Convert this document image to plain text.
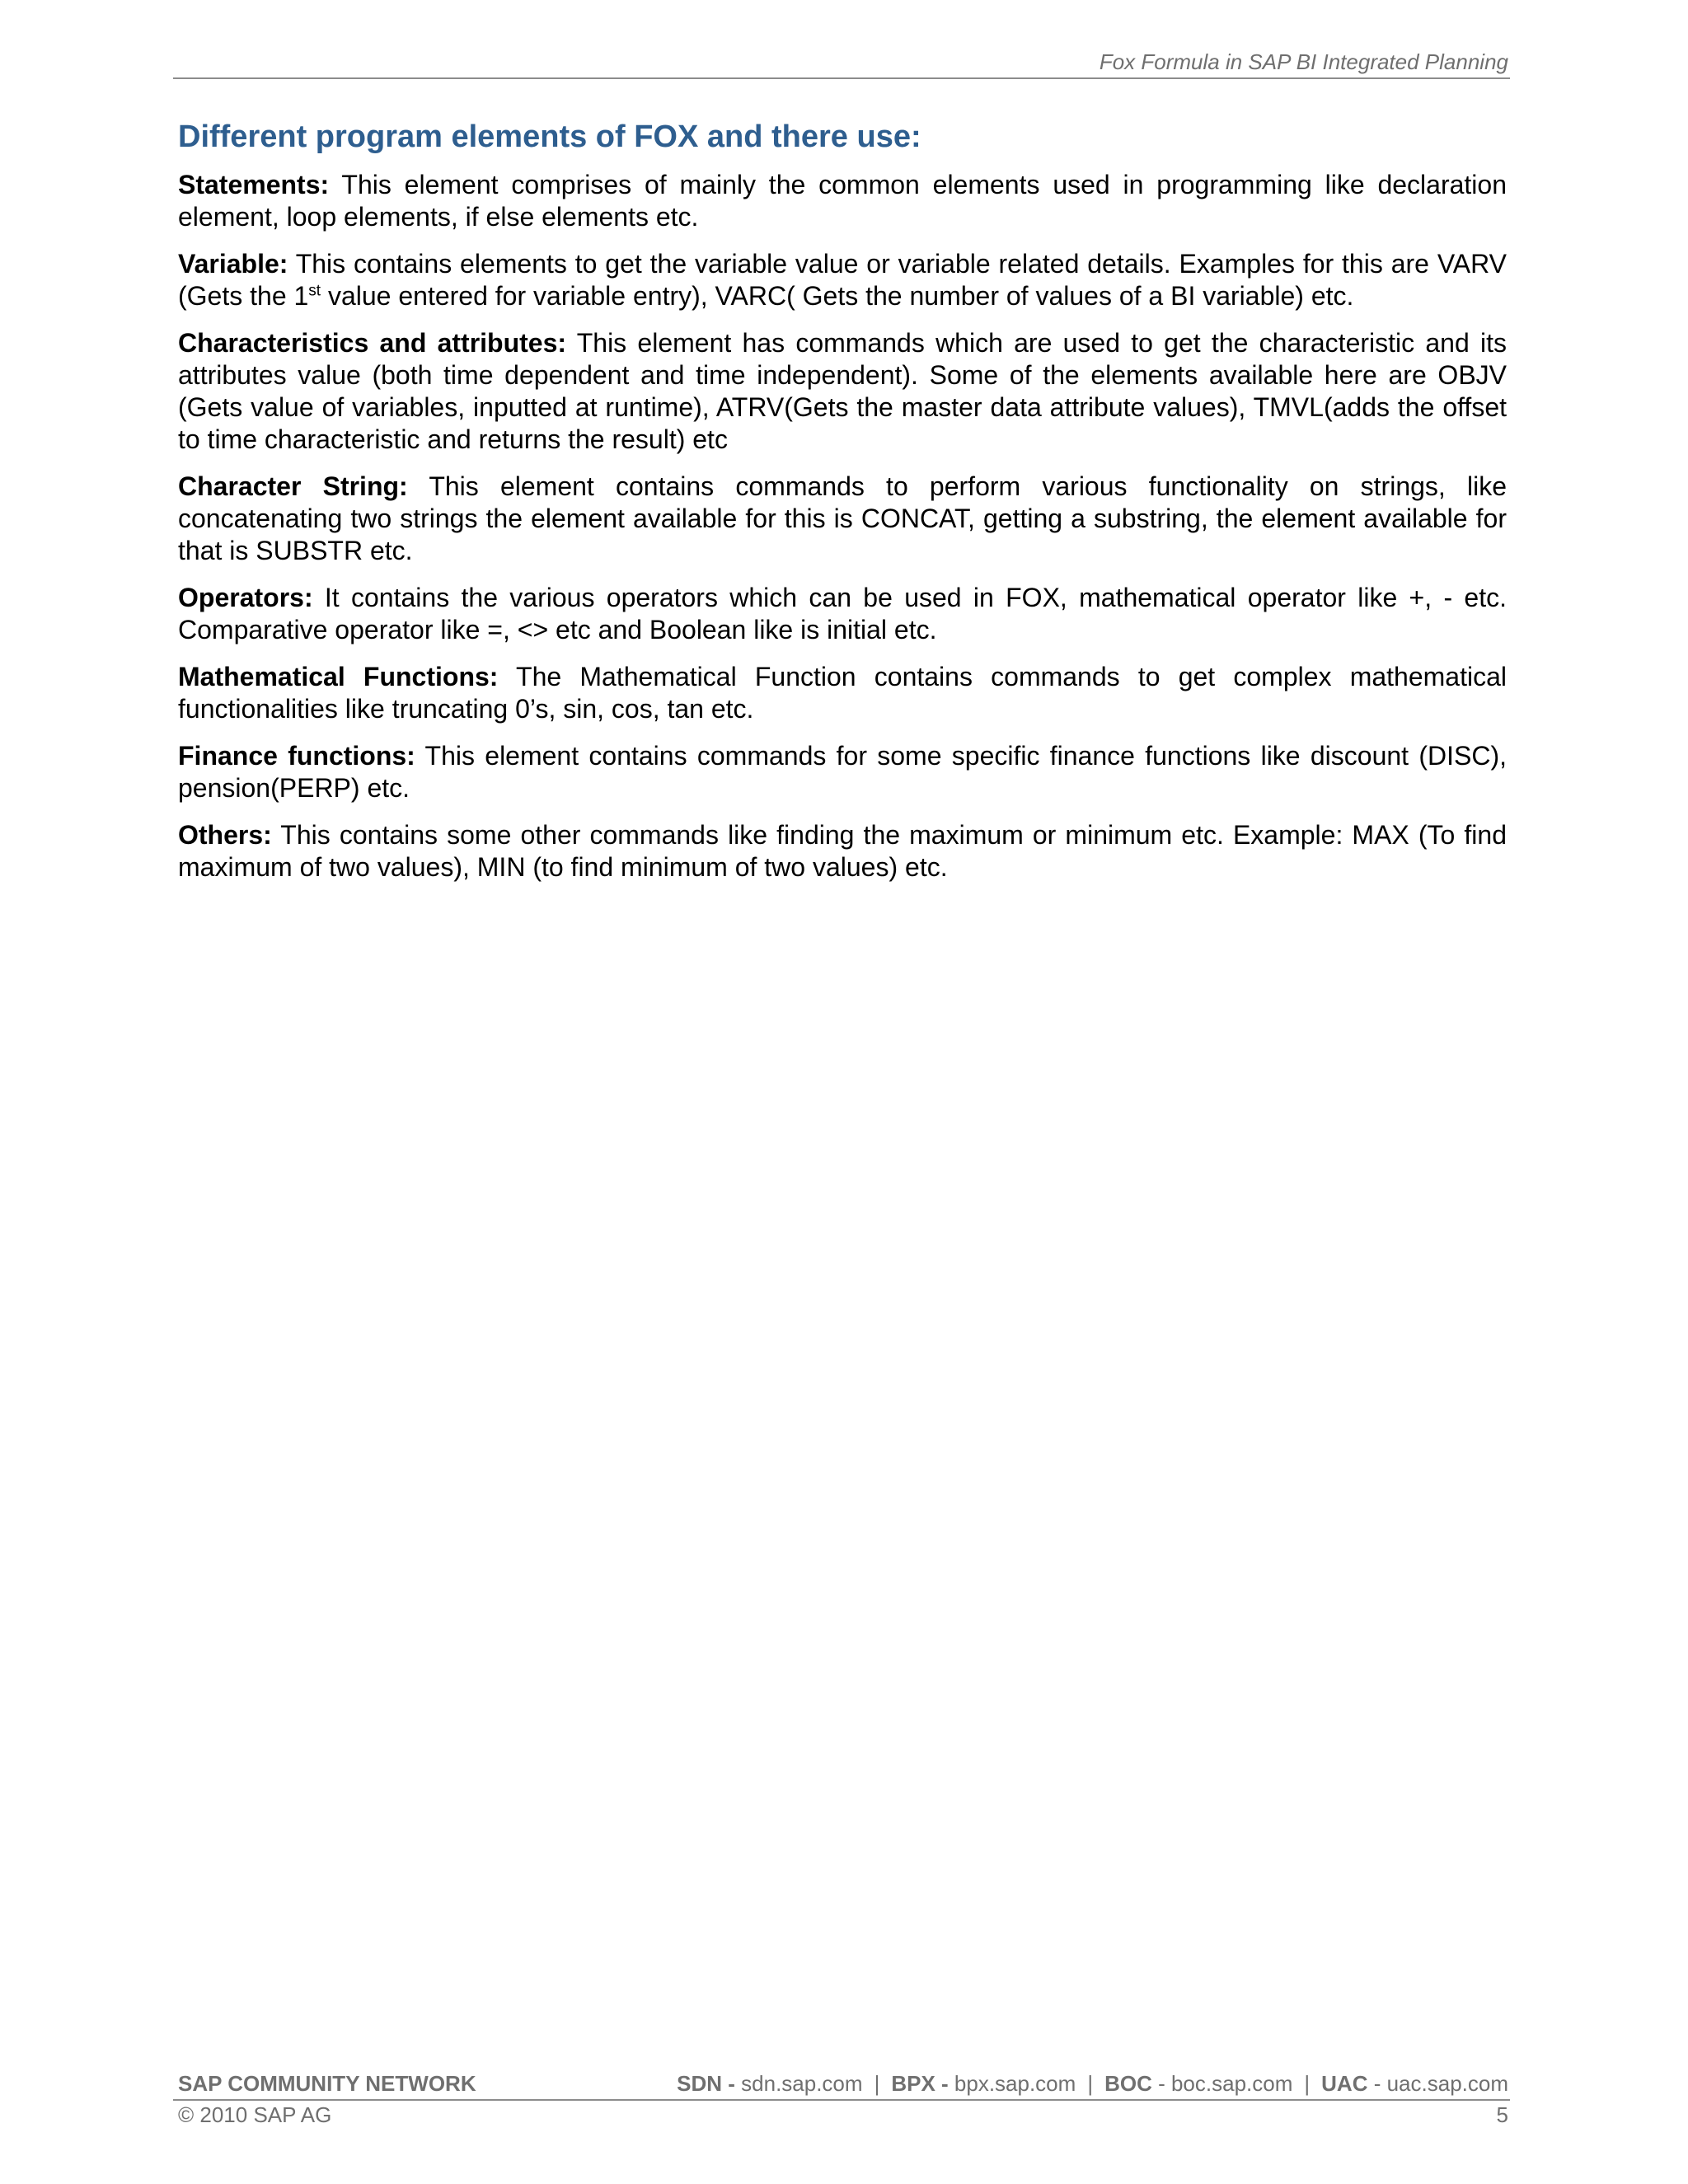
Fox Formula in SAP BI Integrated Planning
Different program elements of FOX and there use:

Statements: This element comprises of mainly the common elements used in programming like declaration element, loop elements, if else elements etc.

Variable: This contains elements to get the variable value or variable related details. Examples for this are VARV (Gets the 1st value entered for variable entry), VARC( Gets the number of values of a BI variable) etc.

Characteristics and attributes: This element has commands which are used to get the characteristic and its attributes value (both time dependent and time independent). Some of the elements available here are OBJV (Gets value of variables, inputted at runtime), ATRV(Gets the master data attribute values), TMVL(adds the offset to time characteristic and returns the result) etc

Character String: This element contains commands to perform various functionality on strings, like concatenating two strings the element available for this is CONCAT, getting a substring, the element available for that is SUBSTR etc.

Operators: It contains the various operators which can be used in FOX, mathematical operator like +, - etc. Comparative operator like =, <> etc and Boolean like is initial etc.

Mathematical Functions: The Mathematical Function contains commands to get complex mathematical functionalities like truncating 0’s, sin, cos, tan etc.

Finance functions: This element contains commands for some specific finance functions like discount (DISC), pension(PERP) etc.

Others: This contains some other commands like finding the maximum or minimum etc. Example: MAX (To find maximum of two values), MIN (to find minimum of two values) etc.

SAP COMMUNITY NETWORK	SDN - sdn.sap.com | BPX - bpx.sap.com | BOC - boc.sap.com | UAC - uac.sap.com
© 2010 SAP AG	5
